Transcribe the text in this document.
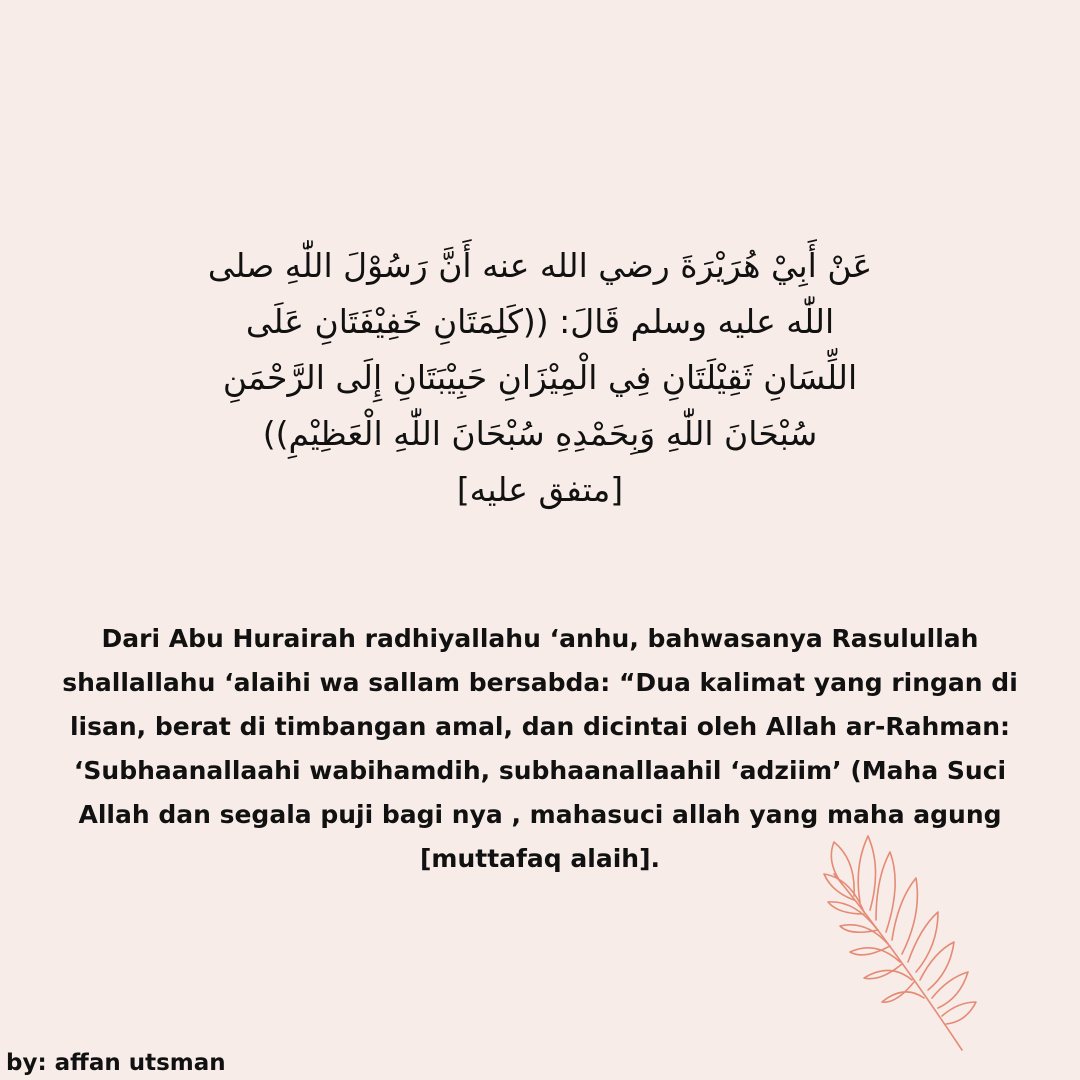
عَنْ أَبِيْ هُرَيْرَةَ رضي الله عنه أَنَّ رَسُوْلَ اللّٰهِ صلى
اللّٰه عليه وسلم قَالَ: ((كَلِمَتَانِ خَفِيْفَتَانِ عَلَى
اللِّسَانِ ثَقِيْلَتَانِ فِي الْمِيْزَانِ حَبِيْبَتَانِ إِلَى الرَّحْمَنِ
سُبْحَانَ اللّٰهِ وَبِحَمْدِهِ سُبْحَانَ اللّٰهِ الْعَظِيْمِ))
[متفق عليه]
Dari Abu Hurairah radhiyallahu ‘anhu, bahwasanya Rasulullah
shallallahu ‘alaihi wa sallam bersabda: “Dua kalimat yang ringan di
lisan, berat di timbangan amal, dan dicintai oleh Allah ar-Rahman:
‘Subhaanallaahi wabihamdih, subhaanallaahil ‘adziim’ (Maha Suci
Allah dan segala puji bagi nya , mahasuci allah yang maha agung
[muttafaq alaih].
by: affan utsman
